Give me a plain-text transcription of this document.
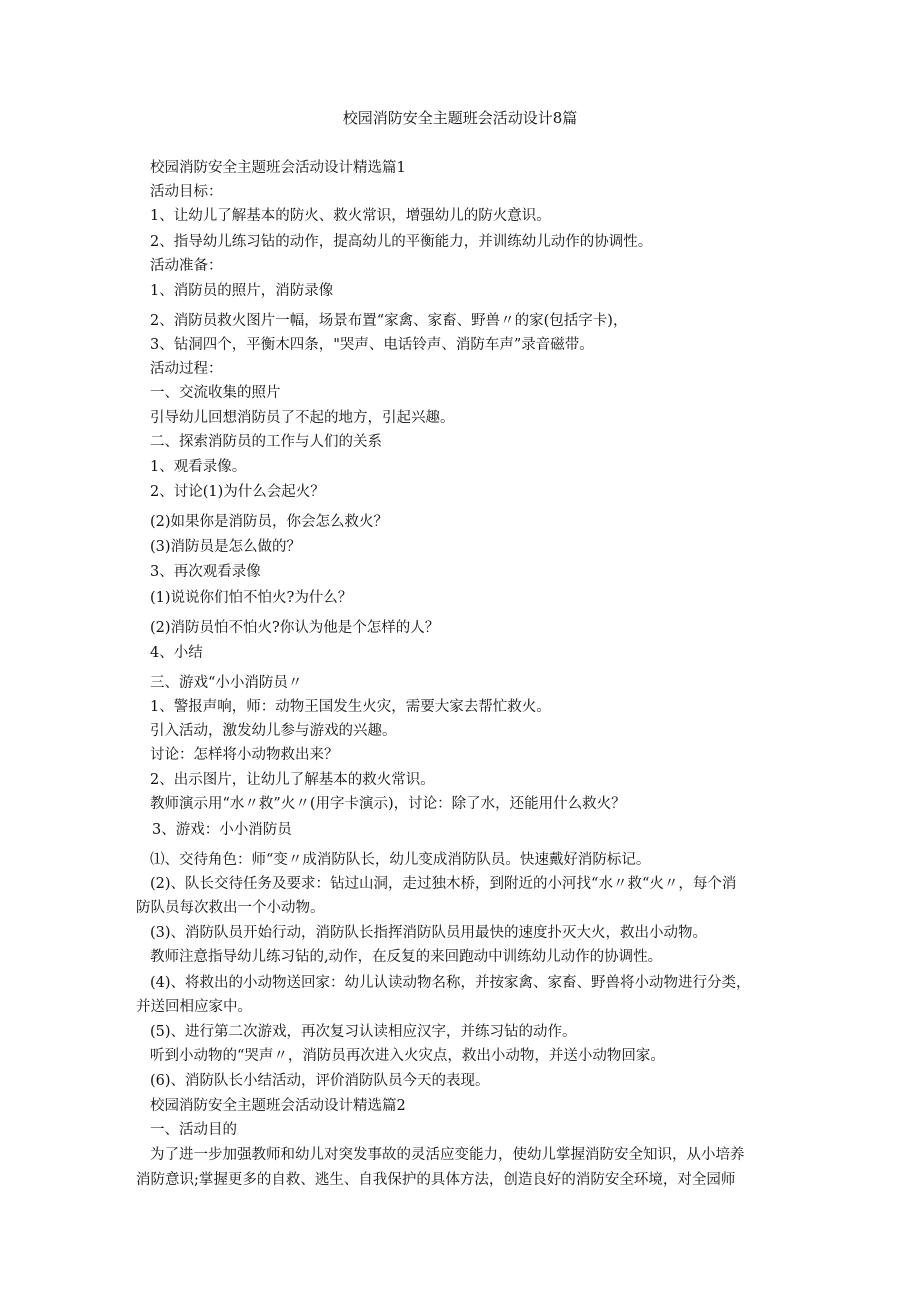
校园消防安全主题班会活动设计8篇
校园消防安全主题班会活动设计精选篇1
活动目标：
1、让幼儿了解基本的防火、救火常识，增强幼儿的防火意识。
2、指导幼儿练习钻的动作，提高幼儿的平衡能力，并训练幼儿动作的协调性。
活动准备：
1、消防员的照片，消防录像
2、消防员救火图片一幅，场景布置“家禽、家畜、野兽〃的家(包括字卡)，
3、钻洞四个，平衡木四条，"哭声、电话铃声、消防车声”录音磁带。
活动过程：
一、交流收集的照片
引导幼儿回想消防员了不起的地方，引起兴趣。
二、探索消防员的工作与人们的关系
1、观看录像。
2、讨论(1)为什么会起火？
(2)如果你是消防员，你会怎么救火？
(3)消防员是怎么做的？
3、再次观看录像
(1)说说你们怕不怕火?为什么？
(2)消防员怕不怕火?你认为他是个怎样的人？
4、小结
三、游戏“小小消防员〃
1、警报声响，师：动物王国发生火灾，需要大家去帮忙救火。
引入活动，激发幼儿参与游戏的兴趣。
讨论：怎样将小动物救出来？
2、出示图片，让幼儿了解基本的救火常识。
教师演示用“水〃救”火〃(用字卡演示)，讨论：除了水，还能用什么救火？
3、游戏：小小消防员
⑴、交待角色：师“变〃成消防队长，幼儿变成消防队员。快速戴好消防标记。
(2)、队长交待任务及要求：钻过山洞，走过独木桥，到附近的小河找“水〃救“火〃，每个消
防队员每次救出一个小动物。
(3)、消防队员开始行动，消防队长指挥消防队员用最快的速度扑灭大火，救出小动物。
教师注意指导幼儿练习钻的,动作，在反复的来回跑动中训练幼儿动作的协调性。
(4)、将救出的小动物送回家：幼儿认读动物名称，并按家禽、家畜、野兽将小动物进行分类，
并送回相应家中。
(5)、进行第二次游戏，再次复习认读相应汉字，并练习钻的动作。
听到小动物的“哭声〃，消防员再次进入火灾点，救出小动物，并送小动物回家。
(6)、消防队长小结活动，评价消防队员今天的表现。
校园消防安全主题班会活动设计精选篇2
一、活动目的
为了进一步加强教师和幼儿对突发事故的灵活应变能力，使幼儿掌握消防安全知识，从小培养
消防意识;掌握更多的自救、逃生、自我保护的具体方法，创造良好的消防安全环境，对全园师
